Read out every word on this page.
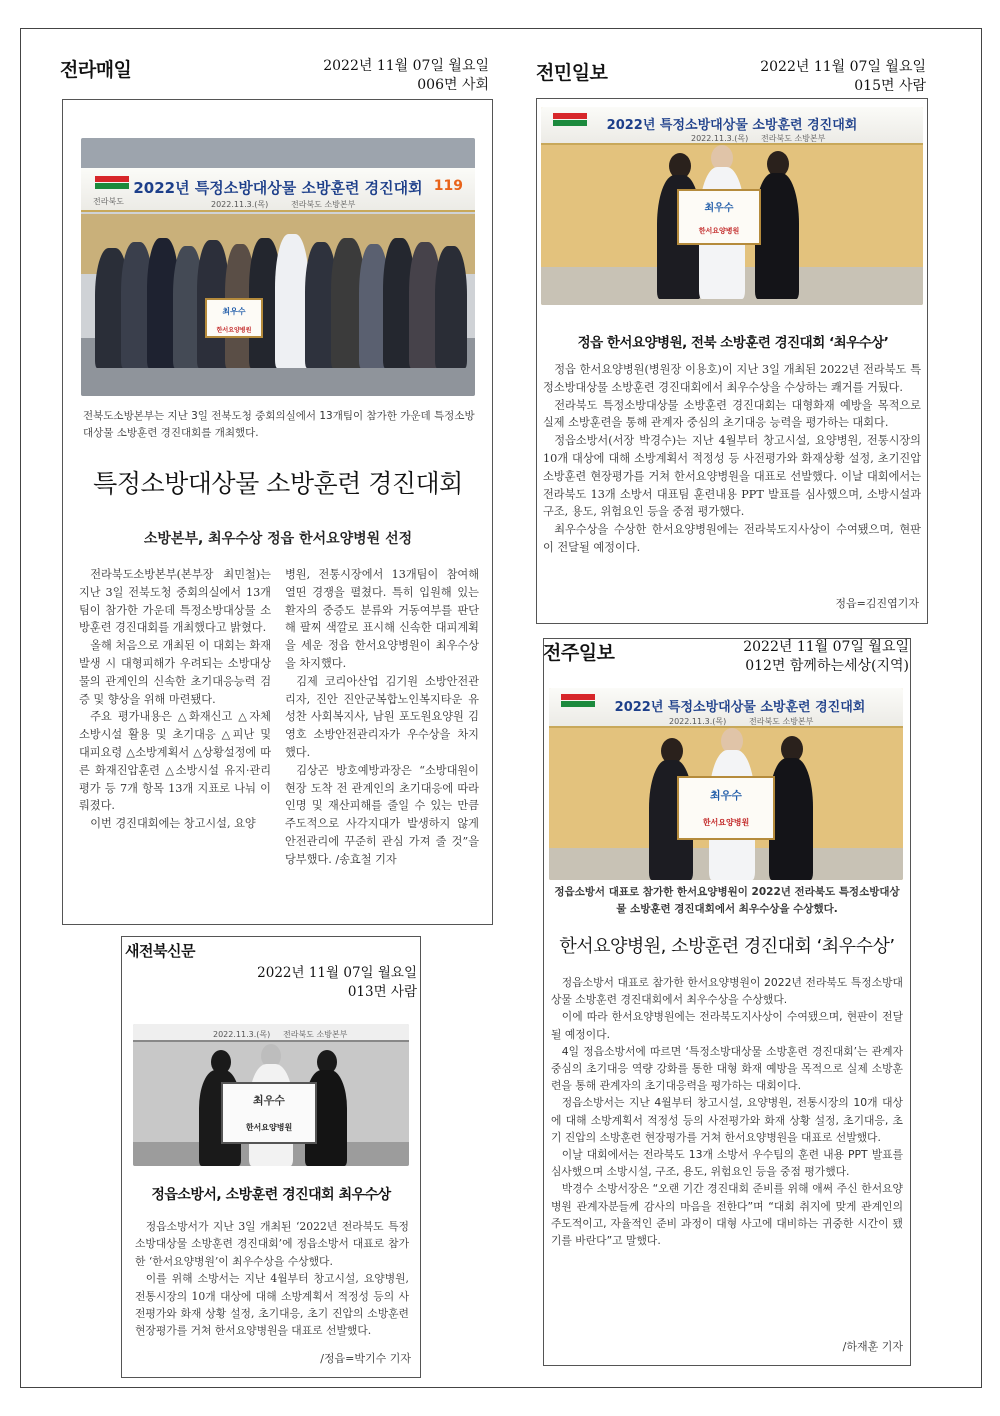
전라매일	2022년 11월 07일 월요일
006면 사회
전라북도
2022년 특정소방대상물 소방훈련 경진대회
2022.11.3.(목)	전라북도 소방본부
119
최우수
한서요양병원
전북도소방본부는 지난 3일 전북도청 중회의실에서 13개팀이 참가한 가운데 특정소방대상물 소방훈련 경진대회를 개최했다.
특정소방대상물 소방훈련 경진대회
소방본부, 최우수상 정읍 한서요양병원 선정

전라북도소방본부(본부장 최민철)는 지난 3일 전북도청 중회의실에서 13개팀이 참가한 가운데 특정소방대상물 소방훈련 경진대회를 개최했다고 밝혔다.

올해 처음으로 개최된 이 대회는 화재 발생 시 대형피해가 우려되는 소방대상물의 관계인의 신속한 초기대응능력 검증 및 향상을 위해 마련됐다.

주요 평가내용은 △화재신고 △자체 소방시설 활용 및 초기대응 △피난 및 대피요령 △소방계획서 △상황설정에 따른 화재진압훈련 △소방시설 유지·관리평가 등 7개 항목 13개 지표로 나눠 이뤄졌다.

이번 경진대회에는 창고시설, 요양

병원, 전통시장에서 13개팀이 참여해 열띤 경쟁을 펼쳤다. 특히 입원해 있는 환자의 중증도 분류와 거동여부를 판단해 팔찌 색깔로 표시해 신속한 대피계획을 세운 정읍 한서요양병원이 최우수상을 차지했다.

김제 코리아산업 김기원 소방안전관리자, 진안 진안군복합노인복지타운 유성찬 사회복지사, 남원 포도원요양원 김영호 소방안전관리자가 우수상을 차지했다.

김상곤 방호예방과장은 “소방대원이 현장 도착 전 관계인의 초기대응에 따라 인명 및 재산피해를 줄일 수 있는 만큼 주도적으로 사각지대가 발생하지 않게 안전관리에 꾸준히 관심 가져 줄 것”을 당부했다. /송효철 기자

전민일보	2022년 11월 07일 월요일
015면 사람
2022년 특정소방대상물 소방훈련 경진대회
2022.11.3.(목) 전라북도 소방본부
최우수
한서요양병원
정읍 한서요양병원, 전북 소방훈련 경진대회 ‘최우수상’

정읍 한서요양병원(병원장 이용호)이 지난 3일 개최된 2022년 전라북도 특정소방대상물 소방훈련 경진대회에서 최우수상을 수상하는 쾌거를 거뒀다.

전라북도 특정소방대상물 소방훈련 경진대회는 대형화재 예방을 목적으로 실제 소방훈련을 통해 관계자 중심의 초기대응 능력을 평가하는 대회다.

정읍소방서(서장 박경수)는 지난 4월부터 창고시설, 요양병원, 전통시장의 10개 대상에 대해 소방계획서 적정성 등 사전평가와 화재상황 설정, 초기진압 소방훈련 현장평가를 거쳐 한서요양병원을 대표로 선발했다. 이날 대회에서는 전라북도 13개 소방서 대표팀 훈련내용 PPT 발표를 심사했으며, 소방시설과 구조, 용도, 위험요인 등을 중점 평가했다.

최우수상을 수상한 한서요양병원에는 전라북도지사상이 수여됐으며, 현판이 전달될 예정이다.

정읍=김진엽기자
전주일보	2022년 11월 07일 월요일
012면 함께하는세상(지역)
2022년 특정소방대상물 소방훈련 경진대회
2022.11.3.(목)	전라북도 소방본부
최우수
한서요양병원
정읍소방서 대표로 참가한 한서요양병원이 2022년 전라북도 특정소방대상물 소방훈련 경진대회에서 최우수상을 수상했다.
한서요양병원, 소방훈련 경진대회 ‘최우수상’

정읍소방서 대표로 참가한 한서요양병원이 2022년 전라북도 특정소방대상물 소방훈련 경진대회에서 최우수상을 수상했다.

이에 따라 한서요양병원에는 전라북도지사상이 수여됐으며, 현판이 전달될 예정이다.

4일 정읍소방서에 따르면 ‘특정소방대상물 소방훈련 경진대회’는 관계자 중심의 초기대응 역량 강화를 통한 대형 화재 예방을 목적으로 실제 소방훈련을 통해 관계자의 초기대응력을 평가하는 대회이다.

정읍소방서는 지난 4월부터 창고시설, 요양병원, 전통시장의 10개 대상에 대해 소방계획서 적정성 등의 사전평가와 화재 상황 설정, 초기대응, 초기 진압의 소방훈련 현장평가를 거쳐 한서요양병원을 대표로 선발했다.

이날 대회에서는 전라북도 13개 소방서 우수팀의 훈련 내용 PPT 발표를 심사했으며 소방시설, 구조, 용도, 위험요인 등을 중점 평가했다.

박경수 소방서장은 “오랜 기간 경진대회 준비를 위해 애써 주신 한서요양병원 관계자분들께 감사의 마음을 전한다”며 “대회 취지에 맞게 관계인의 주도적이고, 자율적인 준비 과정이 대형 사고에 대비하는 귀중한 시간이 됐기를 바란다”고 말했다.

/하재훈 기자
새전북신문
2022년 11월 07일 월요일
013면 사람
2022.11.3.(목) 전라북도 소방본부
최우수
한서요양병원
정읍소방서, 소방훈련 경진대회 최우수상

정읍소방서가 지난 3일 개최된 ‘2022년 전라북도 특정소방대상물 소방훈련 경진대회’에 정읍소방서 대표로 참가한 ‘한서요양병원’이 최우수상을 수상했다.

이를 위해 소방서는 지난 4월부터 창고시설, 요양병원, 전통시장의 10개 대상에 대해 소방계획서 적정성 등의 사전평가와 화재 상황 설정, 초기대응, 초기 진압의 소방훈련 현장평가를 거쳐 한서요양병원을 대표로 선발했다.

/정읍=박기수 기자
